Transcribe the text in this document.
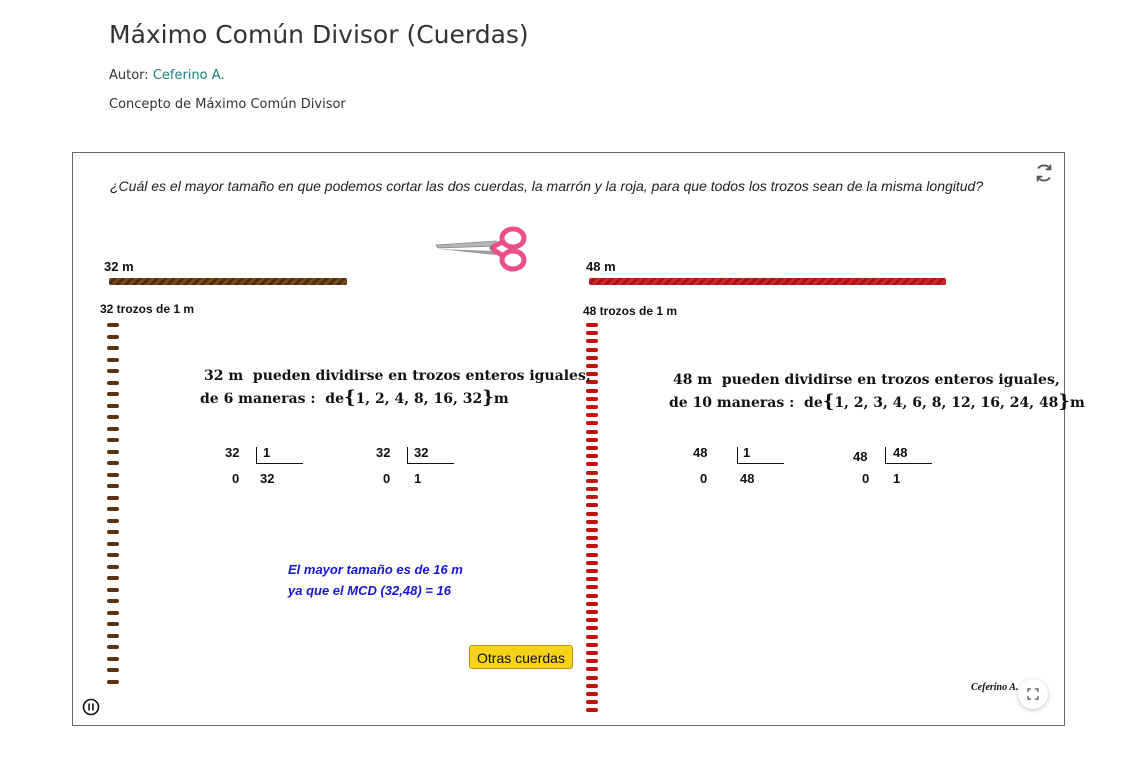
Máximo Común Divisor (Cuerdas)
Autor: Ceferino A.
Concepto de Máximo Común Divisor
¿Cuál es el mayor tamaño en que podemos cortar las dos cuerdas, la marrón y la roja, para que todos los trozos sean de la misma longitud?
32 m
32 trozos de 1 m
48 m
48 trozos de 1 m
32 m pueden dividirse en trozos enteros iguales,
de 6 maneras : de{1, 2, 4, 8, 16, 32}m
48 m pueden dividirse en trozos enteros iguales,
de 10 maneras : de{1, 2, 3, 4, 6, 8, 12, 16, 24, 48}m
32 1
0 32
32 32
0 1
48	1
0	48
48 48
0 1
El mayor tamaño es de 16 m
ya que el MCD (32,48) = 16
Otras cuerdas
Ceferino A.
